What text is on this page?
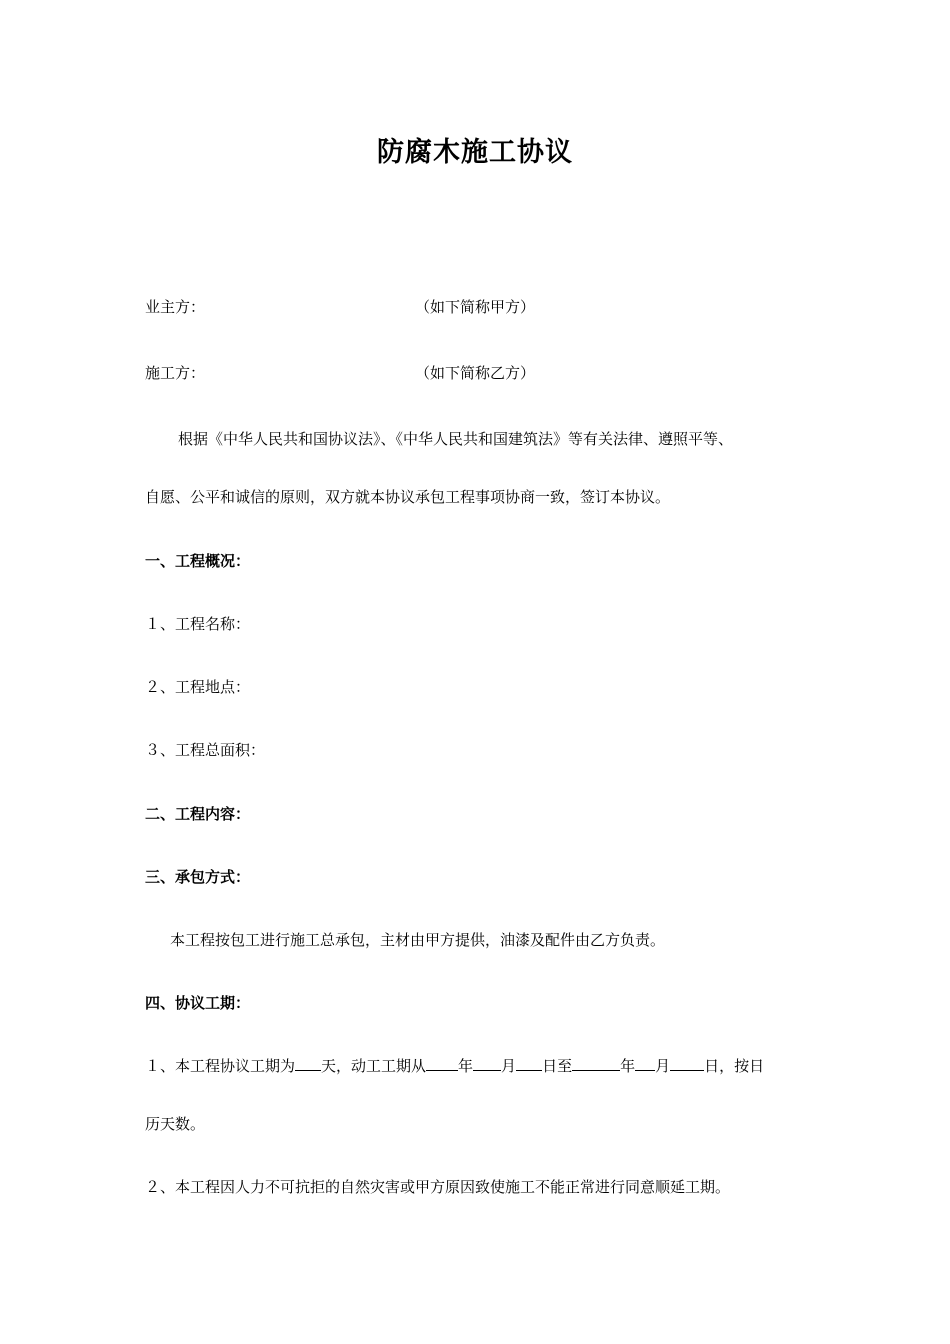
防腐木施工协议
业主方：	（如下简称甲方）
施工方：	（如下简称乙方）
根据《中华人民共和国协议法》、《中华人民共和国建筑法》等有关法律、遵照平等、
自愿、公平和诚信的原则，双方就本协议承包工程事项协商一致，签订本协议。
一、工程概况：
１、工程名称：
２、工程地点：
３、工程总面积：
二、工程内容：
三、承包方式：
本工程按包工进行施工总承包，主材由甲方提供，油漆及配件由乙方负责。
四、协议工期：
１、本工程协议工期为 天，动工工期从 年 月 日至	年 月 日，按日
历天数。
２、本工程因人力不可抗拒的自然灾害或甲方原因致使施工不能正常进行同意顺延工期。
